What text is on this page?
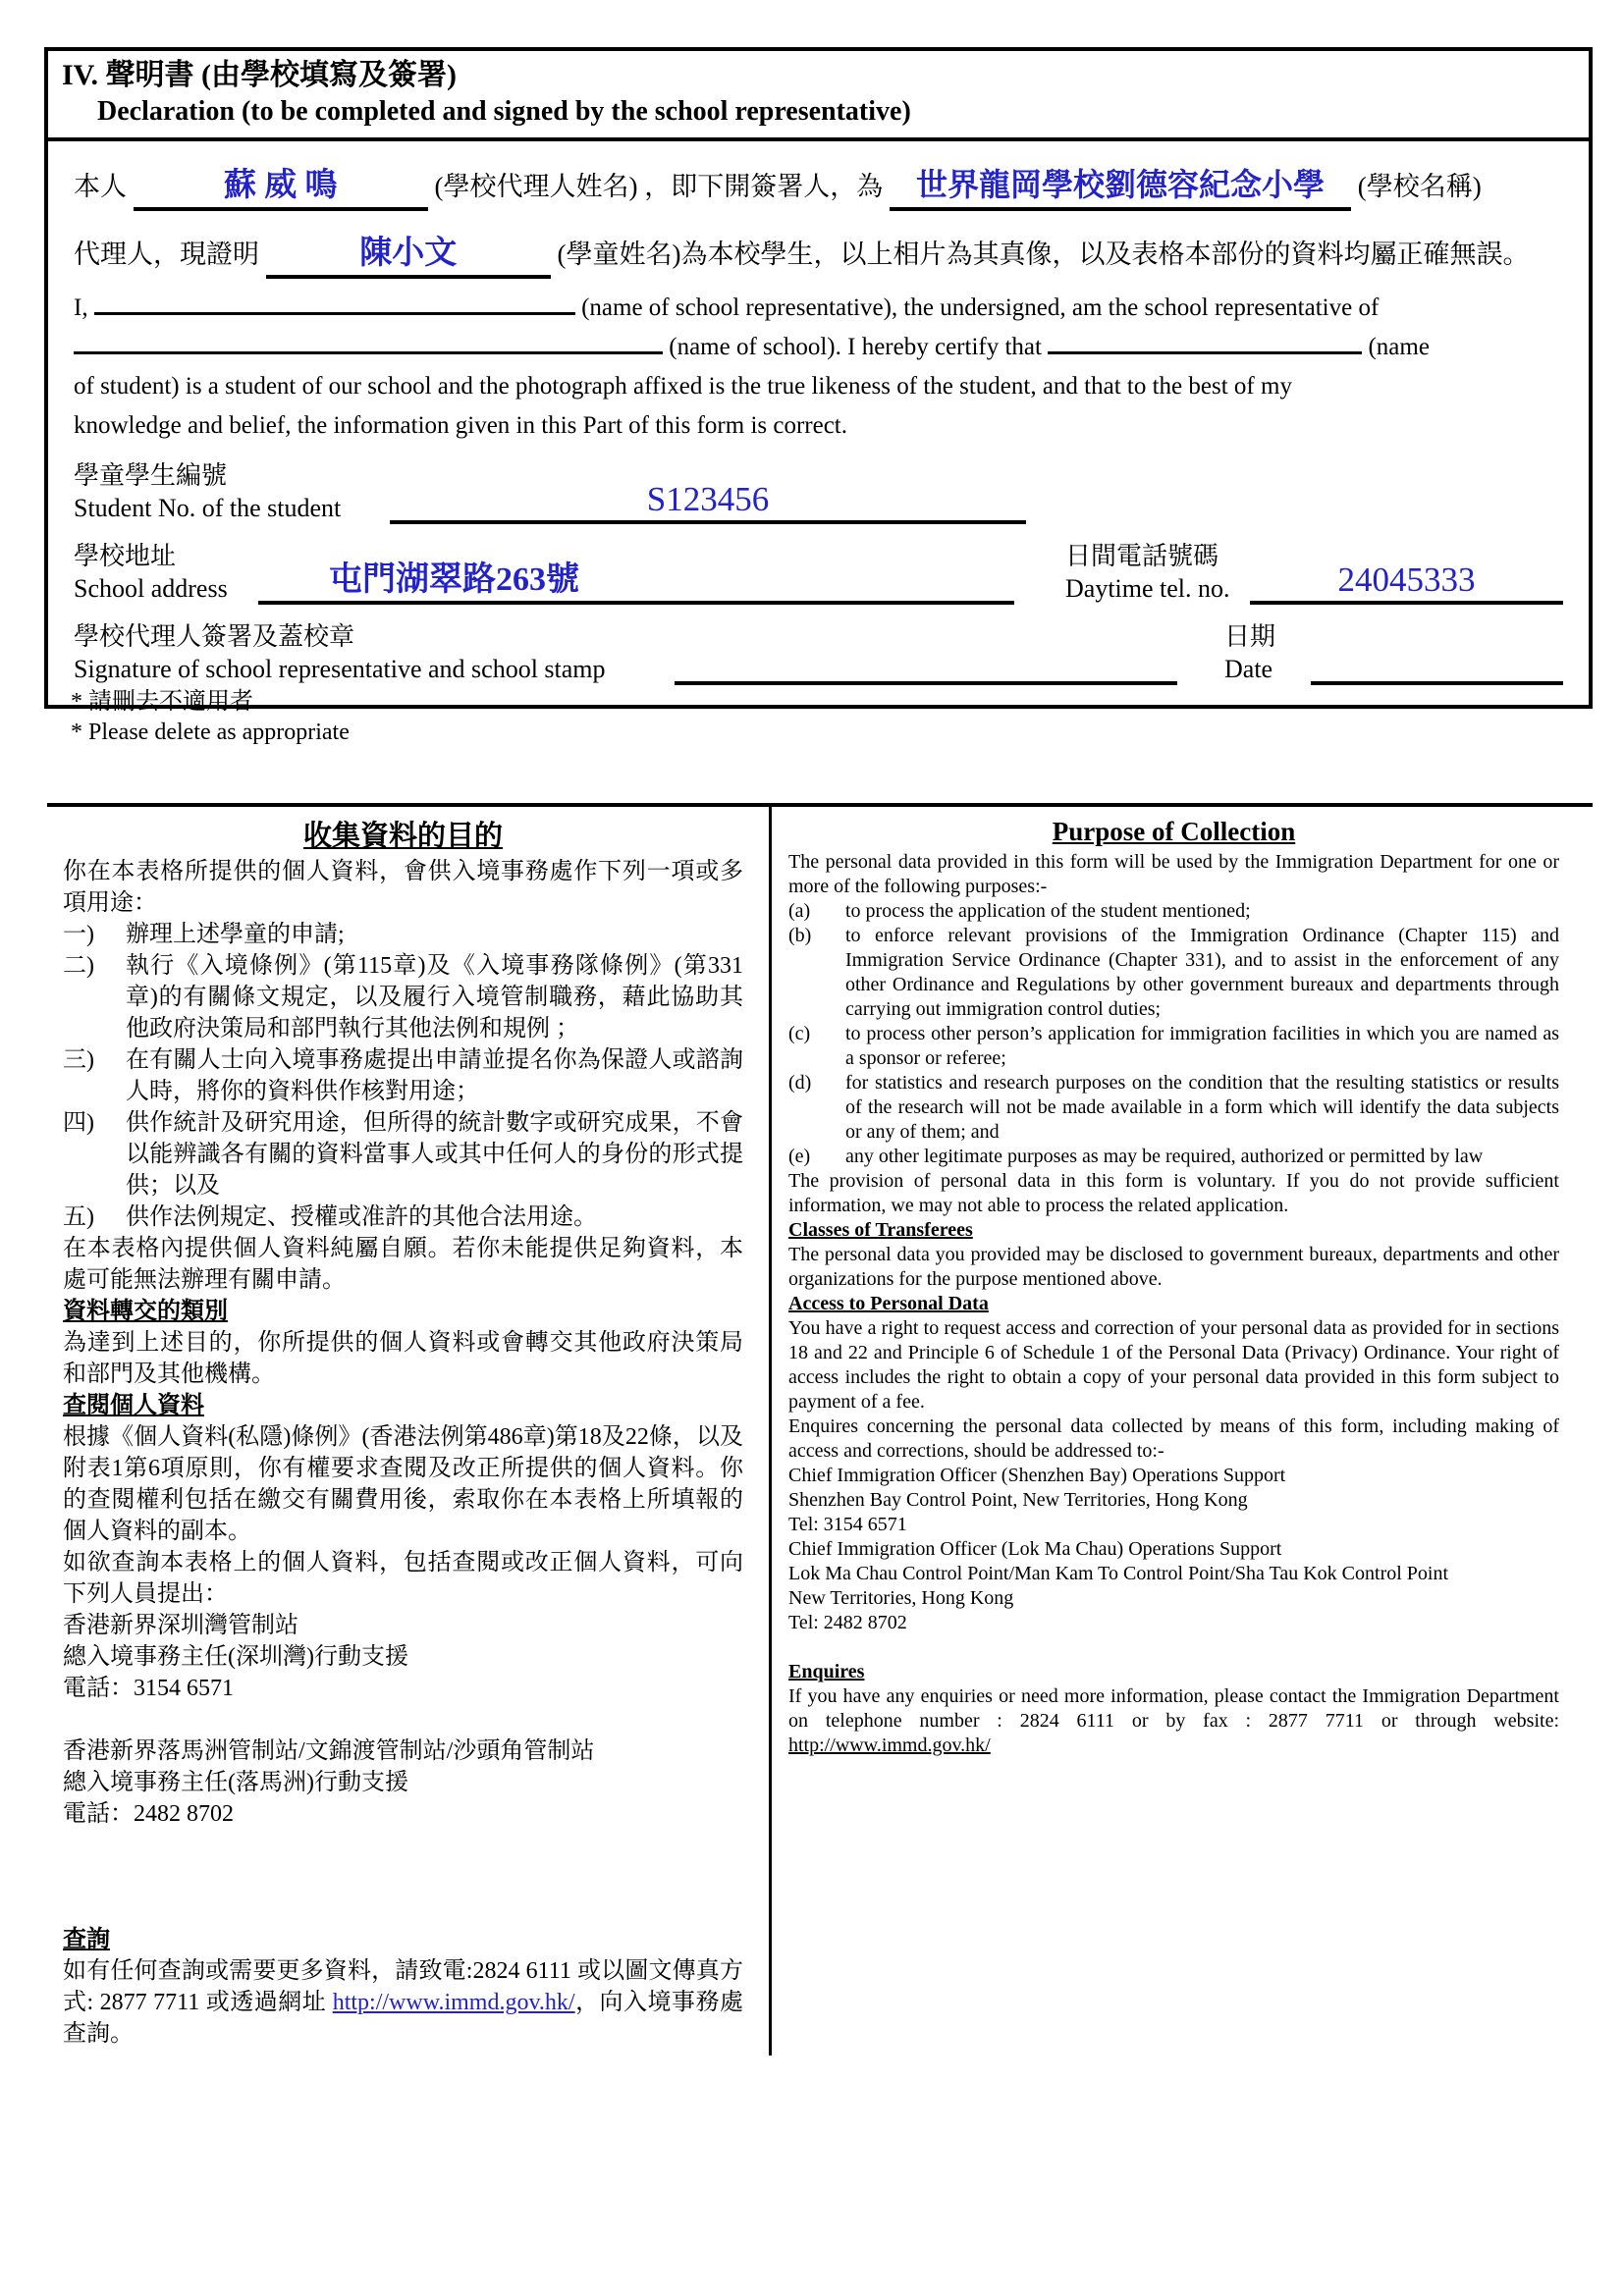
IV. 聲明書 (由學校填寫及簽署)
Declaration (to be completed and signed by the school representative)
本人	蘇 威 鳴	(學校代理人姓名) ，即下開簽署人，為 世界龍岡學校劉德容紀念小學 (學校名稱)
代理人，現證明	陳小文	(學童姓名)為本校學生，以上相片為其真像，以及表格本部份的資料均屬正確無誤。
I,	(name of school representative), the undersigned, am the school representative of
(name of school). I hereby certify that	(name
of student) is a student of our school and the photograph affixed is the true likeness of the student, and that to the best of my
knowledge and belief, the information given in this Part of this form is correct.
學童學生編號
Student No. of the student	S123456
學校地址
School address	屯門湖翠路263號
日間電話號碼
Daytime tel. no.	24045333
學校代理人簽署及蓋校章
Signature of school representative and school stamp
日期
Date
* 請刪去不適用者
* Please delete as appropriate
收集資料的目的
你在本表格所提供的個人資料，會供入境事務處作下列一項或多項用途：
一)	辦理上述學童的申請;
二)	執行《入境條例》(第115章)及《入境事務隊條例》(第331章)的有關條文規定，以及履行入境管制職務，藉此協助其他政府決策局和部門執行其他法例和規例 ；
三)	在有關人士向入境事務處提出申請並提名你為保證人或諮詢人時，將你的資料供作核對用途；
四)	供作統計及研究用途，但所得的統計數字或研究成果，不會以能辨識各有關的資料當事人或其中任何人的身份的形式提供；以及
五)	供作法例規定、授權或准許的其他合法用途。
在本表格內提供個人資料純屬自願。若你未能提供足夠資料，本處可能無法辦理有關申請。
資料轉交的類別
為達到上述目的，你所提供的個人資料或會轉交其他政府決策局和部門及其他機構。
查閱個人資料
根據《個人資料(私隱)條例》(香港法例第486章)第18及22條，以及附表1第6項原則，你有權要求查閱及改正所提供的個人資料。你的查閱權利包括在繳交有關費用後，索取你在本表格上所填報的個人資料的副本。
如欲查詢本表格上的個人資料，包括查閱或改正個人資料，可向下列人員提出：
香港新界深圳灣管制站
總入境事務主任(深圳灣)行動支援
電話：3154 6571
香港新界落馬洲管制站/文錦渡管制站/沙頭角管制站
總入境事務主任(落馬洲)行動支援
電話：2482 8702
查詢
如有任何查詢或需要更多資料，請致電:2824 6111 或以圖文傳真方式: 2877 7711 或透過網址 http://www.immd.gov.hk/，向入境事務處查詢。
Purpose of Collection
The personal data provided in this form will be used by the Immigration Department for one or more of the following purposes:-
(a)	to process the application of the student mentioned;
(b)	to enforce relevant provisions of the Immigration Ordinance (Chapter 115) and Immigration Service Ordinance (Chapter 331), and to assist in the enforcement of any other Ordinance and Regulations by other government bureaux and departments through carrying out immigration control duties;
(c)	to process other person’s application for immigration facilities in which you are named as a sponsor or referee;
(d)	for statistics and research purposes on the condition that the resulting statistics or results of the research will not be made available in a form which will identify the data subjects or any of them; and
(e)	any other legitimate purposes as may be required, authorized or permitted by law
The provision of personal data in this form is voluntary. If you do not provide sufficient information, we may not able to process the related application.
Classes of Transferees
The personal data you provided may be disclosed to government bureaux, departments and other organizations for the purpose mentioned above.
Access to Personal Data
You have a right to request access and correction of your personal data as provided for in sections 18 and 22 and Principle 6 of Schedule 1 of the Personal Data (Privacy) Ordinance. Your right of access includes the right to obtain a copy of your personal data provided in this form subject to payment of a fee.
Enquires concerning the personal data collected by means of this form, including making of access and corrections, should be addressed to:-
Chief Immigration Officer (Shenzhen Bay) Operations Support
Shenzhen Bay Control Point, New Territories, Hong Kong
Tel: 3154 6571
Chief Immigration Officer (Lok Ma Chau) Operations Support
Lok Ma Chau Control Point/Man Kam To Control Point/Sha Tau Kok Control Point
New Territories, Hong Kong
Tel: 2482 8702
Enquires
If you have any enquiries or need more information, please contact the Immigration Department on telephone number : 2824 6111 or by fax : 2877 7711 or through website: http://www.immd.gov.hk/
